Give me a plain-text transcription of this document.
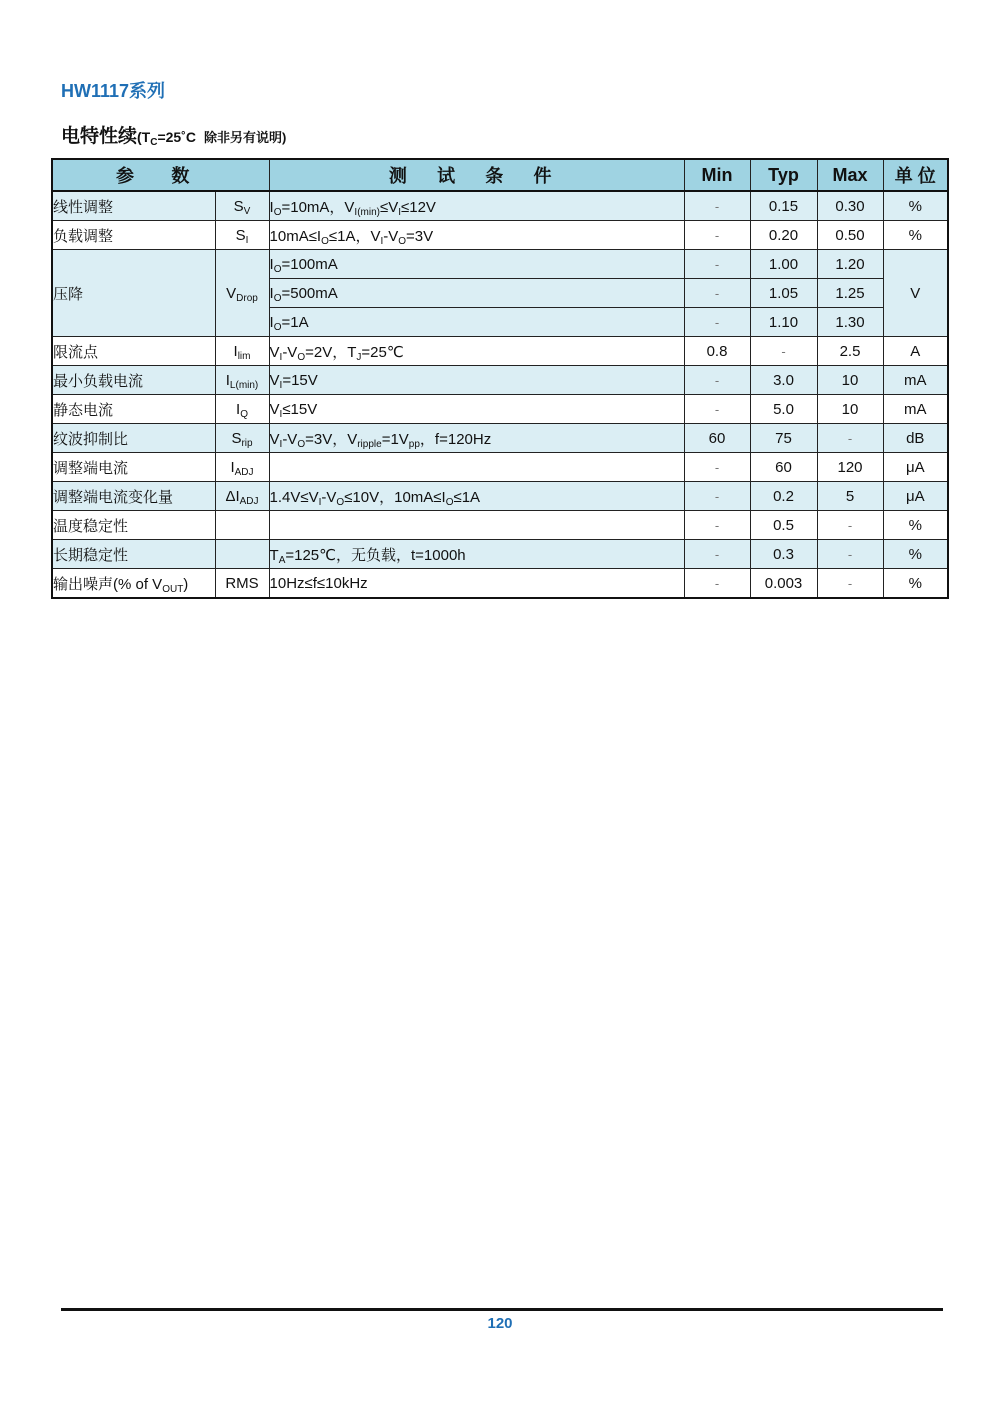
HW1117系列
电特性续($T_C=25˚C$ 除非另有说明)
参 数		测 试 条 件	Min	Typ	Max	单 位
线性调整	$S_V$	$I_O=10mA$，$V_{I(min)}\le V_I\le 12V$	-	0.15	0.30	%
负载调整	$S_I$	$10mA\le I_O\le 1A$，$V_I-V_O=3V$	-	0.20	0.50	%
压降	$V_{Drop}$	$I_O=100mA$	-	1.00	1.20	V
		$I_O=500mA$	-	1.05	1.25	
		$I_O=1A$	-	1.10	1.30	
限流点	$I_{lim}$	$V_I-V_O=2V$，$T_J=25℃$	0.8	-	2.5	A
最小负载电流	$I_{L(min)}$	$V_I=15V$	-	3.0	10	mA
静态电流	$I_Q$	$V_I\le 15V$	-	5.0	10	mA
纹波抑制比	$S_{rip}$	$V_I-V_O=3V$，$V_{ripple}=1V_{pp}$，f=120Hz	60	75	-	dB
调整端电流	$I_{ADJ}$		-	60	120	μA
调整端电流变化量	$\Delta I_{ADJ}$	$1.4V\le V_I-V_O\le 10V$，$10mA\le I_O\le 1A$	-	0.2	5	μA
温度稳定性			-	0.5	-	%
长期稳定性		$T_A=125℃$，无负载，t=1000h	-	0.3	-	%
输出噪声(% of $V_{OUT}$)	RMS	10Hz≤f≤10kHz	-	0.003	-	%
120
